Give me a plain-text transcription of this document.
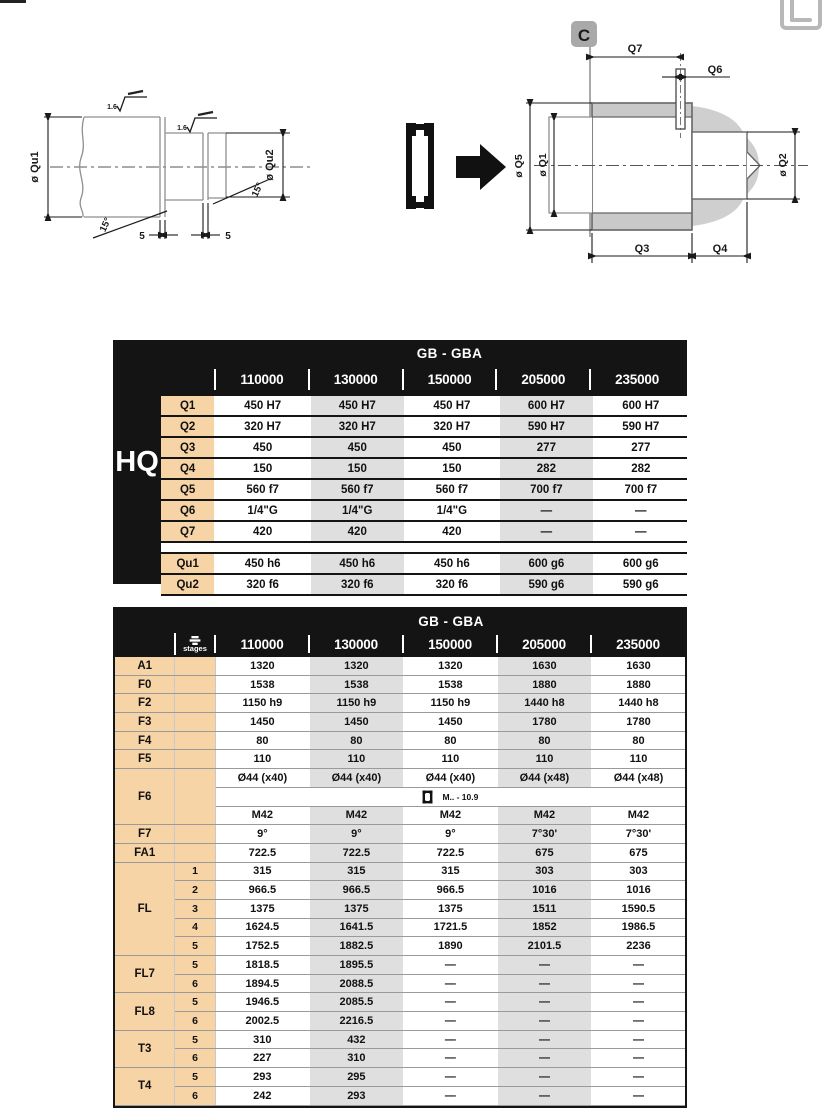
ø Qu1	ø Qu2
5	5
15°
15°
1.6
1.6
C
Q7
Q6
ø Q5 ø Q1	ø Q2
Q3	Q4
HQ
GB - GBA
110000	130000	150000	205000	235000
Q1	450 H7	450 H7	450 H7	600 H7	600 H7
Q2	320 H7	320 H7	320 H7	590 H7	590 H7
Q3	450	450	450	277	277
Q4	150	150	150	282	282
Q5	560 f7	560 f7	560 f7	700 f7	700 f7
Q6	1/4"G	1/4"G	1/4"G	—	—
Q7	420	420	420	—	—

Qu1	450 h6	450 h6	450 h6	600 g6	600 g6
Qu2	320 f6	320 f6	320 f6	590 g6	590 g6
GB - GBA
stages	110000	130000	150000	205000	235000
A1		1320	1320	1320	1630	1630
F0		1538	1538	1538	1880	1880
F2		1150 h9	1150 h9	1150 h9	1440 h8	1440 h8
F3		1450	1450	1450	1780	1780
F4		80	80	80	80	80
F5		110	110	110	110	110
F6		Ø44 (x40)	Ø44 (x40)	Ø44 (x40)	Ø44 (x48)	Ø44 (x48)

		M.. - 10.9				

		M42	M42	M42	M42	M42
F7		9°	9°	9°	7°30'	7°30'
FA1		722.5	722.5	722.5	675	675
FL	1	315	315	315	303	303
	2	966.5	966.5	966.5	1016	1016
	3	1375	1375	1375	1511	1590.5
	4	1624.5	1641.5	1721.5	1852	1986.5
	5	1752.5	1882.5	1890	2101.5	2236
FL7	5	1818.5	1895.5	—	—	—
	6	1894.5	2088.5	—	—	—
FL8	5	1946.5	2085.5	—	—	—
	6	2002.5	2216.5	—	—	—
T3	5	310	432	—	—	—
	6	227	310	—	—	—
T4	5	293	295	—	—	—
	6	242	293	—	—	—
